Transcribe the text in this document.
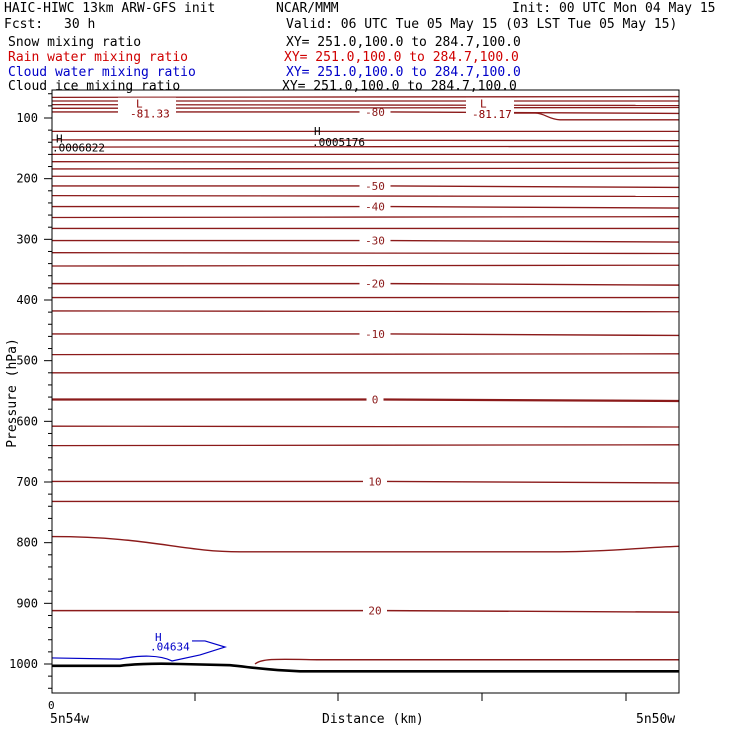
HAIC-HIWC 13km ARW-GFS init	NCAR/MMM	Init: 00 UTC Mon 04 May 15
Fcst: 30 h	Valid: 06 UTC Tue 05 May 15 (03 LST Tue 05 May 15)
Snow mixing ratio	XY= 251.0,100.0 to 284.7,100.0
Rain water mixing ratio	XY= 251.0,100.0 to 284.7,100.0
Cloud water mixing ratio	XY= 251.0,100.0 to 284.7,100.0
Cloud ice mixing ratio	XY= 251.0,100.0 to 284.7,100.0
100
200
300
400
500
600
700
800
900
1000
-80
-50
-40
-30
-20
-10
0
10
20
L
-81.33
L
-81.17
H
.0006822
H
.0005176
H
.04634
Distance (km)
5n54w	5n50w
0
Pressure (hPa)
